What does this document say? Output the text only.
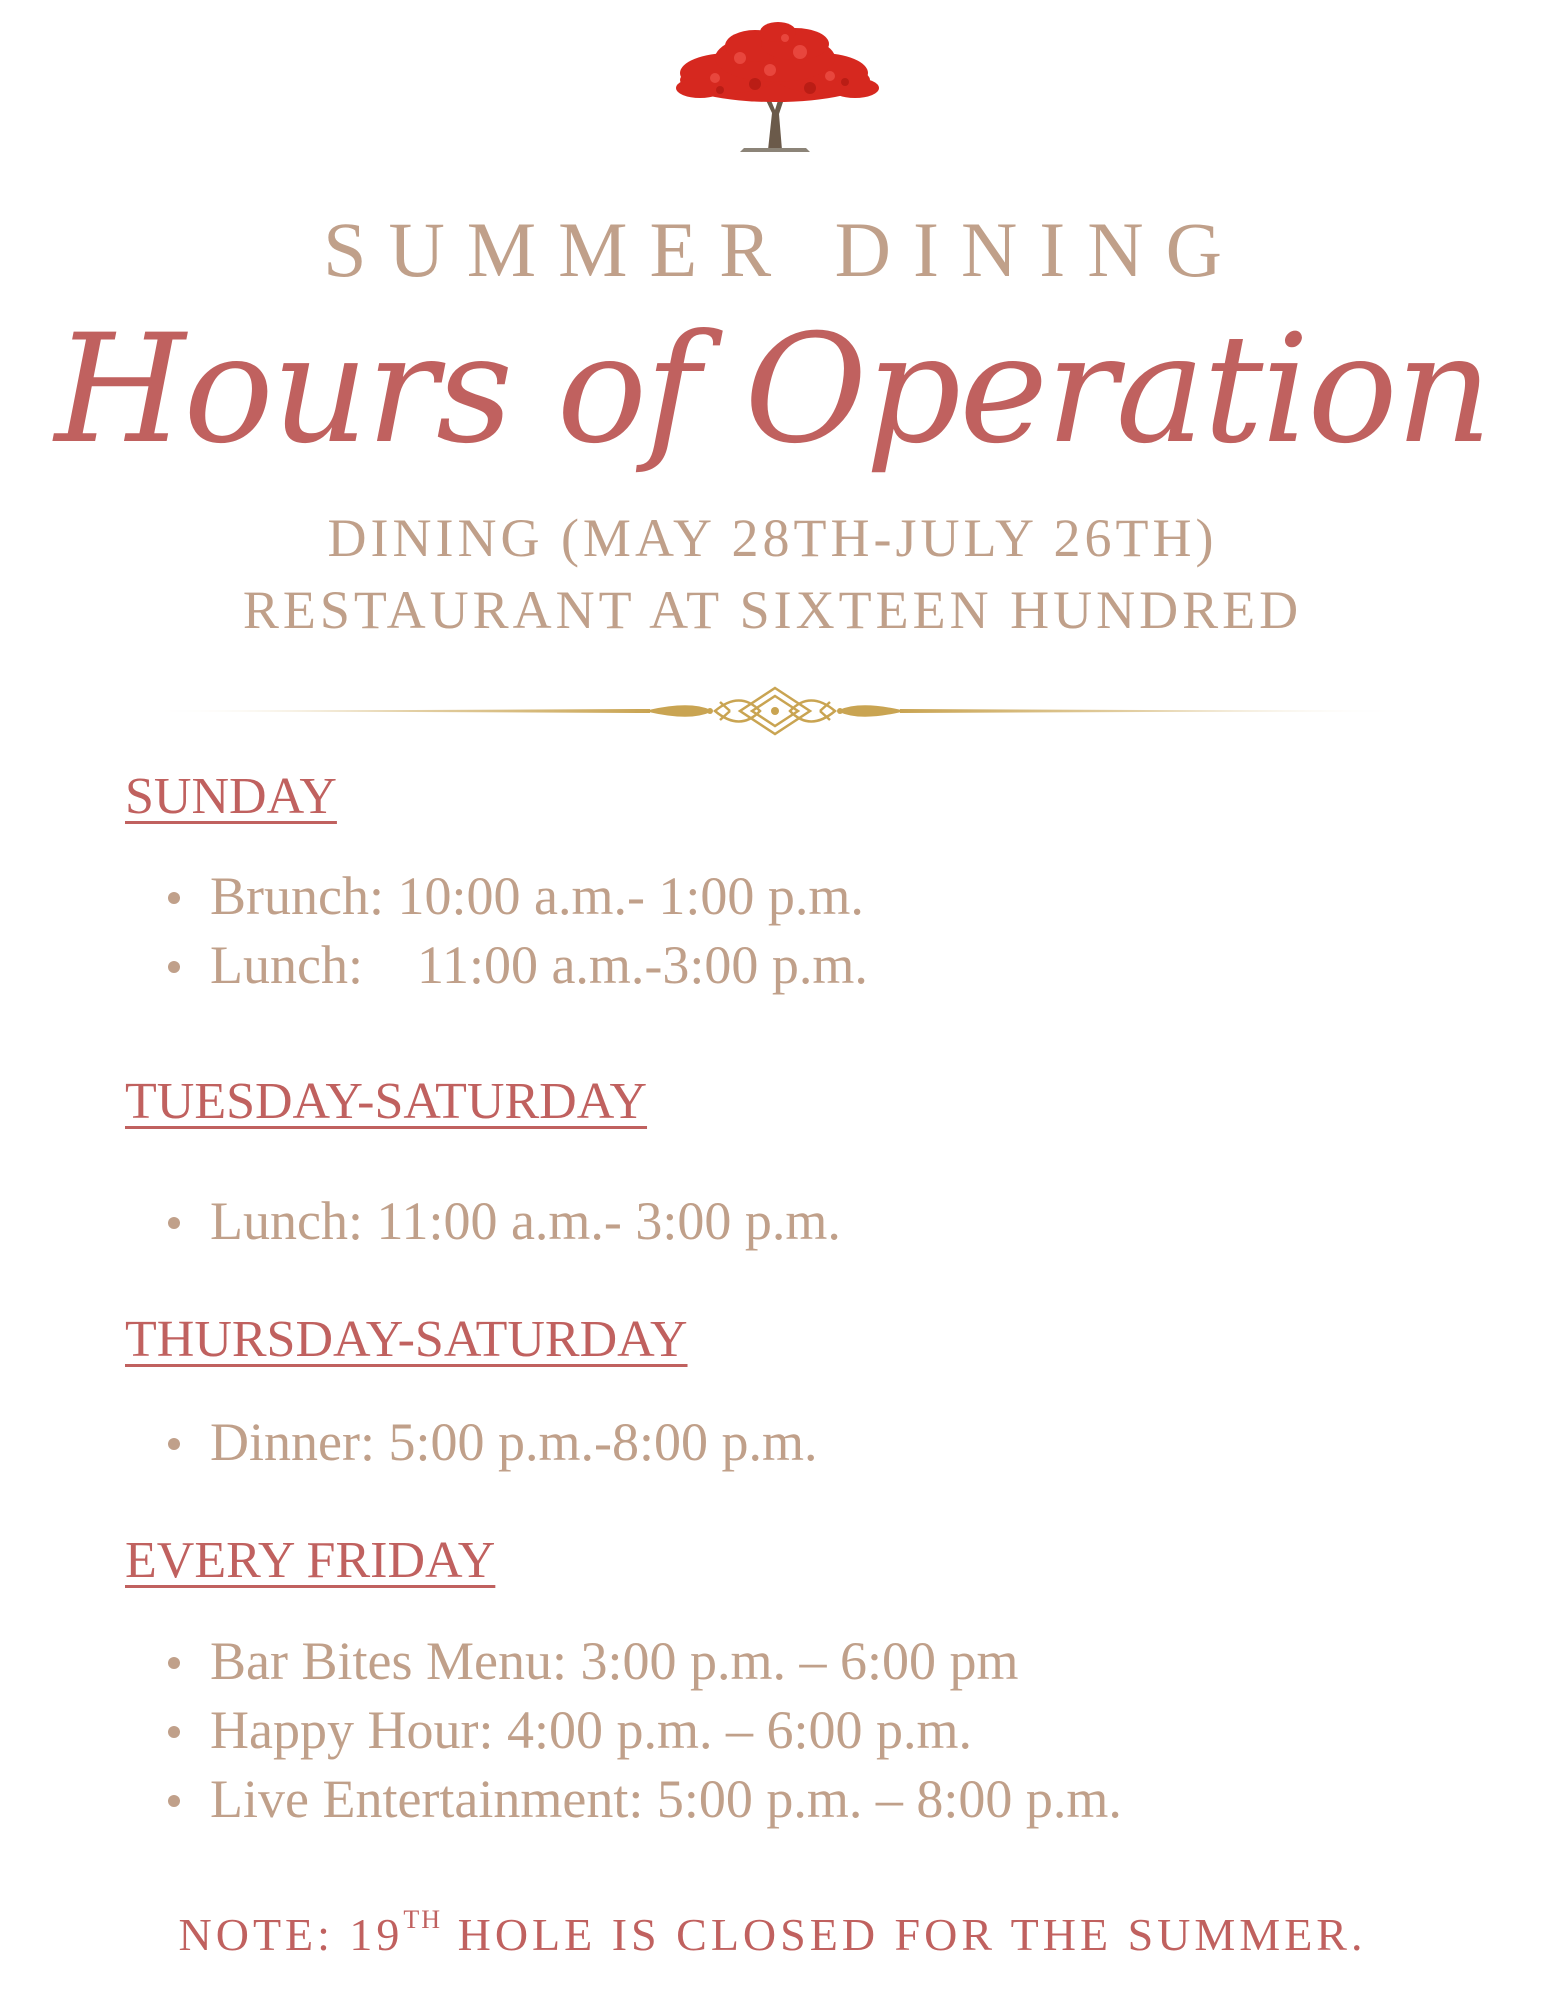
SUMMER DINING
Hours of Operation
DINING (MAY 28TH-JULY 26TH)
RESTAURANT AT SIXTEEN HUNDRED
SUNDAY
Brunch: 10:00 a.m.- 1:00 p.m.
Lunch:    11:00 a.m.-3:00 p.m.
TUESDAY-SATURDAY
Lunch: 11:00 a.m.- 3:00 p.m.
THURSDAY-SATURDAY
Dinner: 5:00 p.m.-8:00 p.m.
EVERY FRIDAY
Bar Bites Menu: 3:00 p.m. – 6:00 pm
Happy Hour: 4:00 p.m. – 6:00 p.m.
Live Entertainment: 5:00 p.m. – 8:00 p.m.
NOTE: 19TH HOLE IS CLOSED FOR THE SUMMER.
